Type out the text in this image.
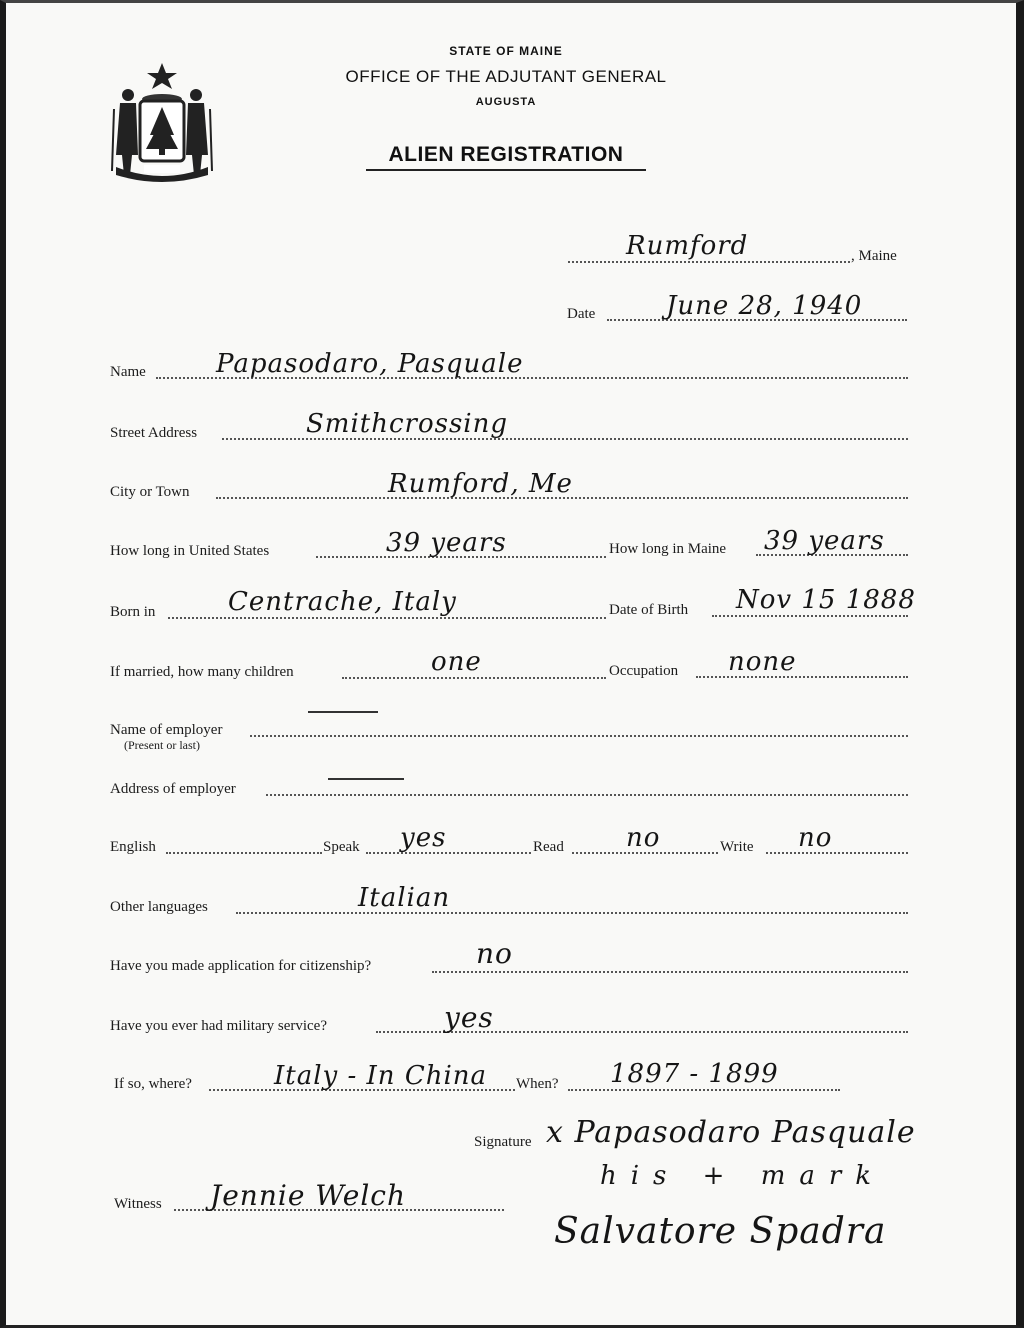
STATE OF MAINE
OFFICE OF THE ADJUTANT GENERAL
AUGUSTA
ALIEN REGISTRATION
Rumford	, Maine
Date	June 28, 1940
Name	Papasodaro, Pasquale
Street Address	Smithcrossing
City or Town	Rumford, Me
How long in United States	39 years	How long in Maine 39 years
Born in	Centrache, Italy	Date of Birth Nov 15 1888
If married, how many children	one	Occupation none
Name of employer
(Present or last)
Address of employer
English	Speak yes	Read no	Write no
Other languages	Italian
Have you made application for citizenship?	no
Have you ever had military service?	yes
If so, where?	Italy - In China When? 1897 - 1899
Signature x Papasodaro Pasquale
his + mark
Witness Jennie Welch
Salvatore Spadra
